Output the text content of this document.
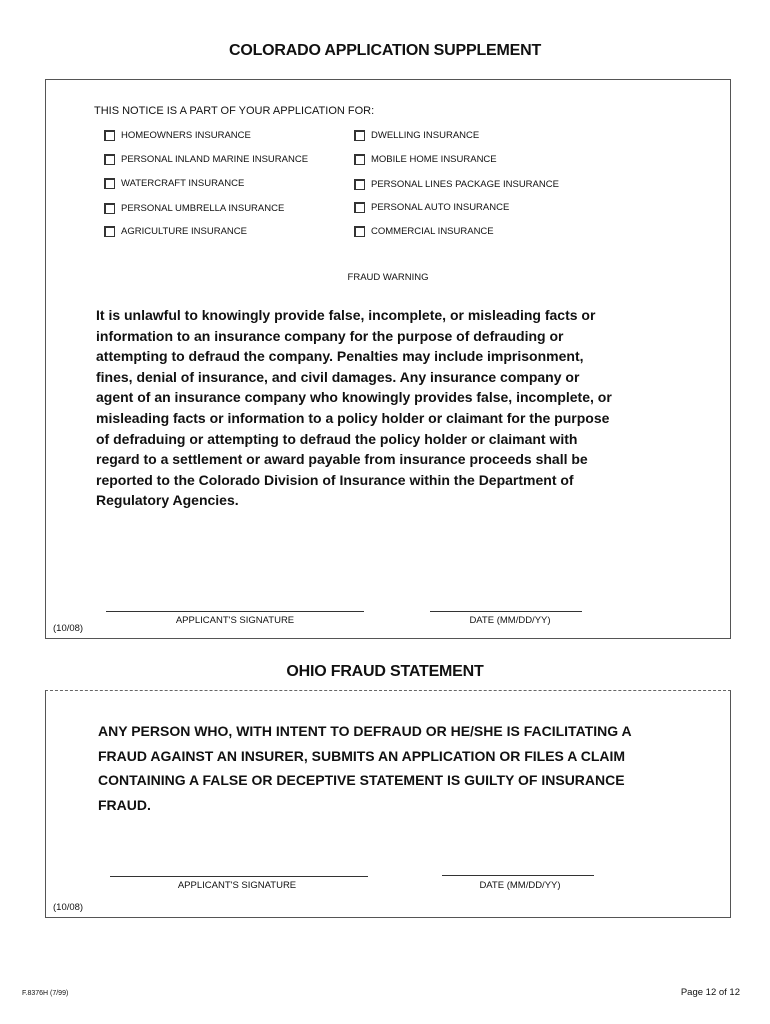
COLORADO APPLICATION SUPPLEMENT
THIS NOTICE IS A PART OF YOUR APPLICATION FOR:
HOMEOWNERS INSURANCE
PERSONAL INLAND MARINE INSURANCE
WATERCRAFT INSURANCE
PERSONAL UMBRELLA INSURANCE
AGRICULTURE INSURANCE
DWELLING INSURANCE
MOBILE HOME INSURANCE
PERSONAL LINES PACKAGE INSURANCE
PERSONAL AUTO INSURANCE
COMMERCIAL INSURANCE
FRAUD WARNING
It is unlawful to knowingly provide false, incomplete, or misleading facts or information to an insurance company for the purpose of defrauding or attempting to defraud the company. Penalties may include imprisonment, fines, denial of insurance, and civil damages. Any insurance company or agent of an insurance company who knowingly provides false, incomplete, or misleading facts or information to a policy holder or claimant for the purpose of defraduing or attempting to defraud the policy holder or claimant with regard to a settlement or award payable from insurance proceeds shall be reported to the Colorado Division of Insurance within the Department of Regulatory Agencies.
APPLICANT'S SIGNATURE	DATE (MM/DD/YY)
(10/08)
OHIO FRAUD STATEMENT
ANY PERSON WHO, WITH INTENT TO DEFRAUD OR HE/SHE IS FACILITATING A FRAUD AGAINST AN INSURER, SUBMITS AN APPLICATION OR FILES A CLAIM CONTAINING A FALSE OR DECEPTIVE STATEMENT IS GUILTY OF INSURANCE FRAUD.
APPLICANT'S SIGNATURE	DATE (MM/DD/YY)
(10/08)
F.8376H (7/99)	Page 12 of 12
